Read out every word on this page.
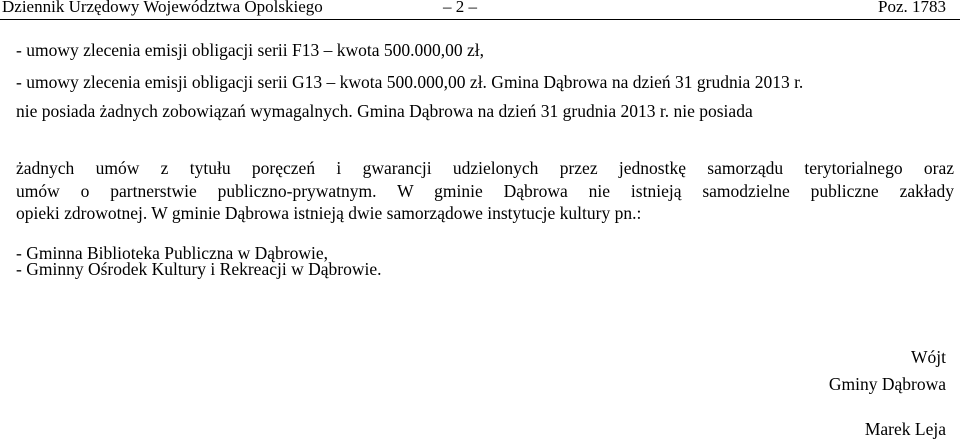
Dziennik Urzędowy Województwa Opolskiego	– 2 –	Poz. 1783
- umowy zlecenia emisji obligacji serii F13 – kwota 500.000,00 zł,
- umowy zlecenia emisji obligacji serii G13 – kwota 500.000,00 zł. Gmina Dąbrowa na dzień 31 grudnia 2013 r.
nie posiada żadnych zobowiązań wymagalnych. Gmina Dąbrowa na dzień 31 grudnia 2013 r. nie posiada
żadnych umów z tytułu poręczeń i gwarancji udzielonych przez jednostkę samorządu terytorialnego oraz
umów o partnerstwie publiczno-prywatnym. W gminie Dąbrowa nie istnieją samodzielne publiczne zakłady
opieki zdrowotnej. W gminie Dąbrowa istnieją dwie samorządowe instytucje kultury pn.:
- Gminna Biblioteka Publiczna w Dąbrowie,
- Gminny Ośrodek Kultury i Rekreacji w Dąbrowie.
Wójt
Gminy Dąbrowa
Marek Leja
